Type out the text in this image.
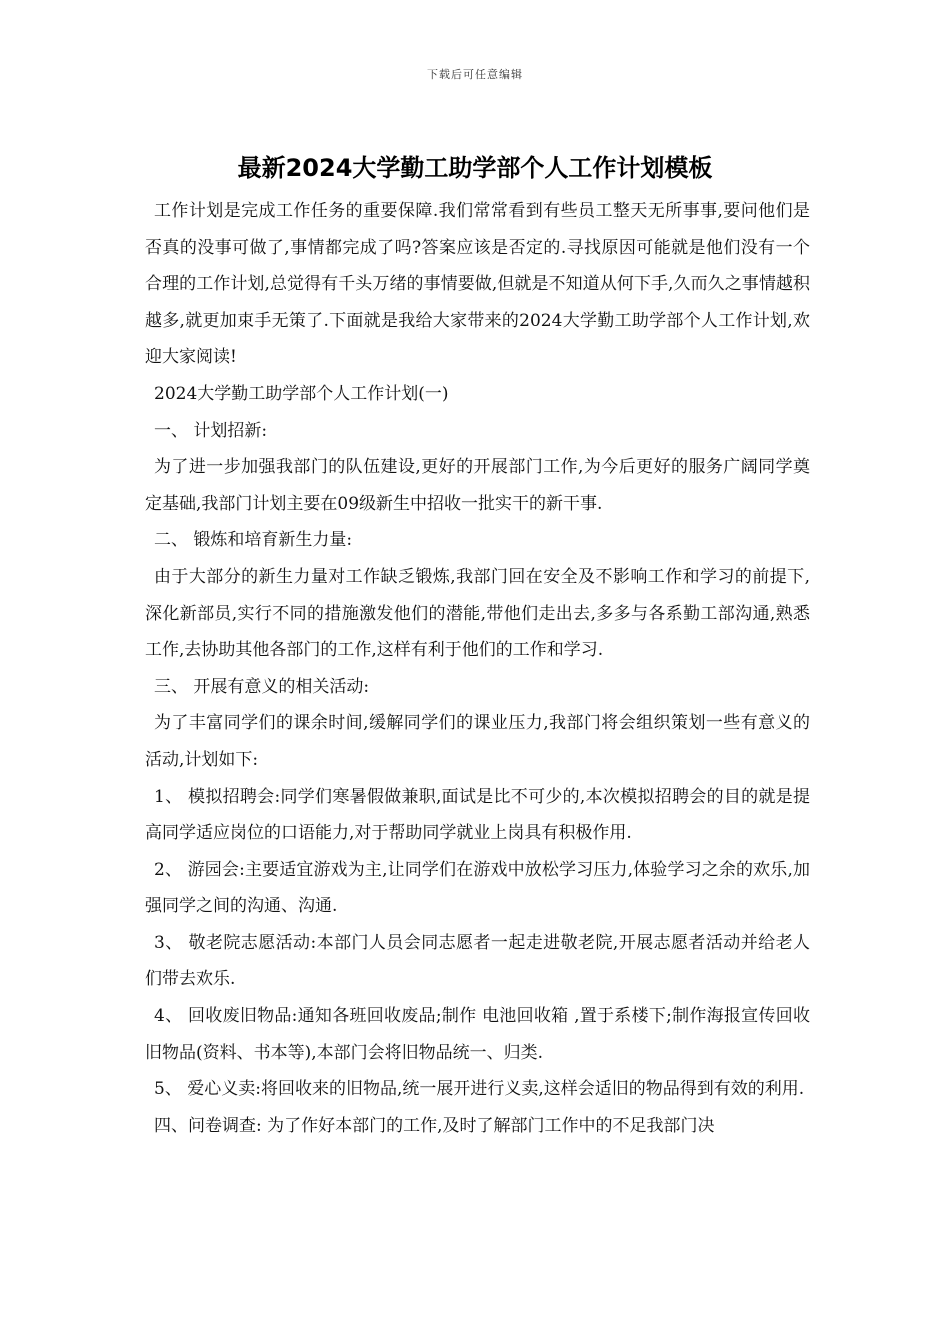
下载后可任意编辑
最新2024大学勤工助学部个人工作计划模板

工作计划是完成工作任务的重要保障.我们常常看到有些员工整天无所事事,要问他们是否真的没事可做了,事情都完成了吗?答案应该是否定的.寻找原因可能就是他们没有一个合理的工作计划,总觉得有千头万绪的事情要做,但就是不知道从何下手,久而久之事情越积越多,就更加束手无策了.下面就是我给大家带来的2024大学勤工助学部个人工作计划,欢迎大家阅读!

2024大学勤工助学部个人工作计划(一)

一、 计划招新:

为了进一步加强我部门的队伍建设,更好的开展部门工作,为今后更好的服务广阔同学奠定基础,我部门计划主要在09级新生中招收一批实干的新干事.

二、 锻炼和培育新生力量:

由于大部分的新生力量对工作缺乏锻炼,我部门回在安全及不影响工作和学习的前提下,深化新部员,实行不同的措施激发他们的潜能,带他们走出去,多多与各系勤工部沟通,熟悉工作,去协助其他各部门的工作,这样有利于他们的工作和学习.

三、 开展有意义的相关活动:

为了丰富同学们的课余时间,缓解同学们的课业压力,我部门将会组织策划一些有意义的活动,计划如下:

1、 模拟招聘会:同学们寒暑假做兼职,面试是比不可少的,本次模拟招聘会的目的就是提高同学适应岗位的口语能力,对于帮助同学就业上岗具有积极作用.

2、 游园会:主要适宜游戏为主,让同学们在游戏中放松学习压力,体验学习之余的欢乐,加强同学之间的沟通、沟通.

3、 敬老院志愿活动:本部门人员会同志愿者一起走进敬老院,开展志愿者活动并给老人们带去欢乐.

4、 回收废旧物品:通知各班回收废品;制作 电池回收箱 ,置于系楼下;制作海报宣传回收旧物品(资料、书本等),本部门会将旧物品统一、归类.

5、 爱心义卖:将回收来的旧物品,统一展开进行义卖,这样会适旧的物品得到有效的利用.

四、问卷调查: 为了作好本部门的工作,及时了解部门工作中的不足我部门决
